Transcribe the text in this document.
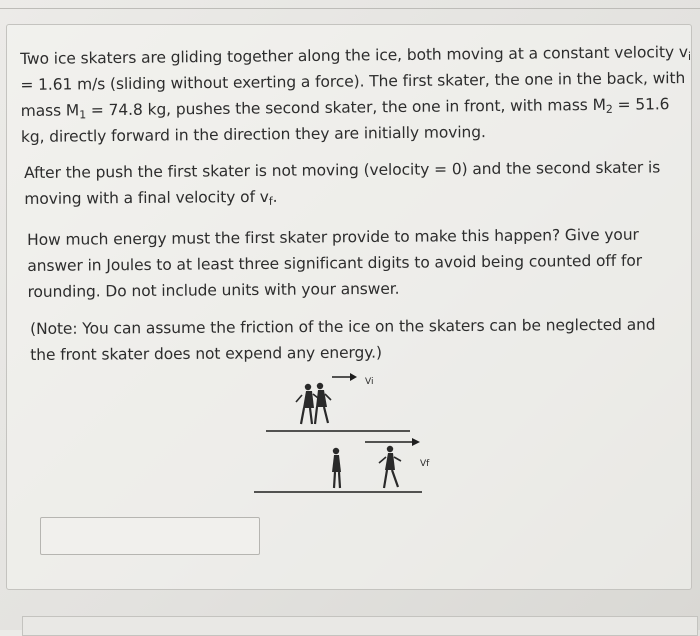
Two ice skaters are gliding together along the ice, both moving at a constant velocity $v_i = 1.61$ m/s (sliding without exerting a force). The first skater, the one in the back, with mass $M_1 = 74.8$ kg, pushes the second skater, the one in front, with mass $M_2 = 51.6$ kg, directly forward in the direction they are initially moving.

After the push the first skater is not moving (velocity = 0) and the second skater is moving with a final velocity of $v_f$.

How much energy must the first skater provide to make this happen? Give your answer in Joules to at least three significant digits to avoid being counted off for rounding. Do not include units with your answer.

(Note: You can assume the friction of the ice on the skaters can be neglected and the front skater does not expend any energy.)

Vi
Vf
